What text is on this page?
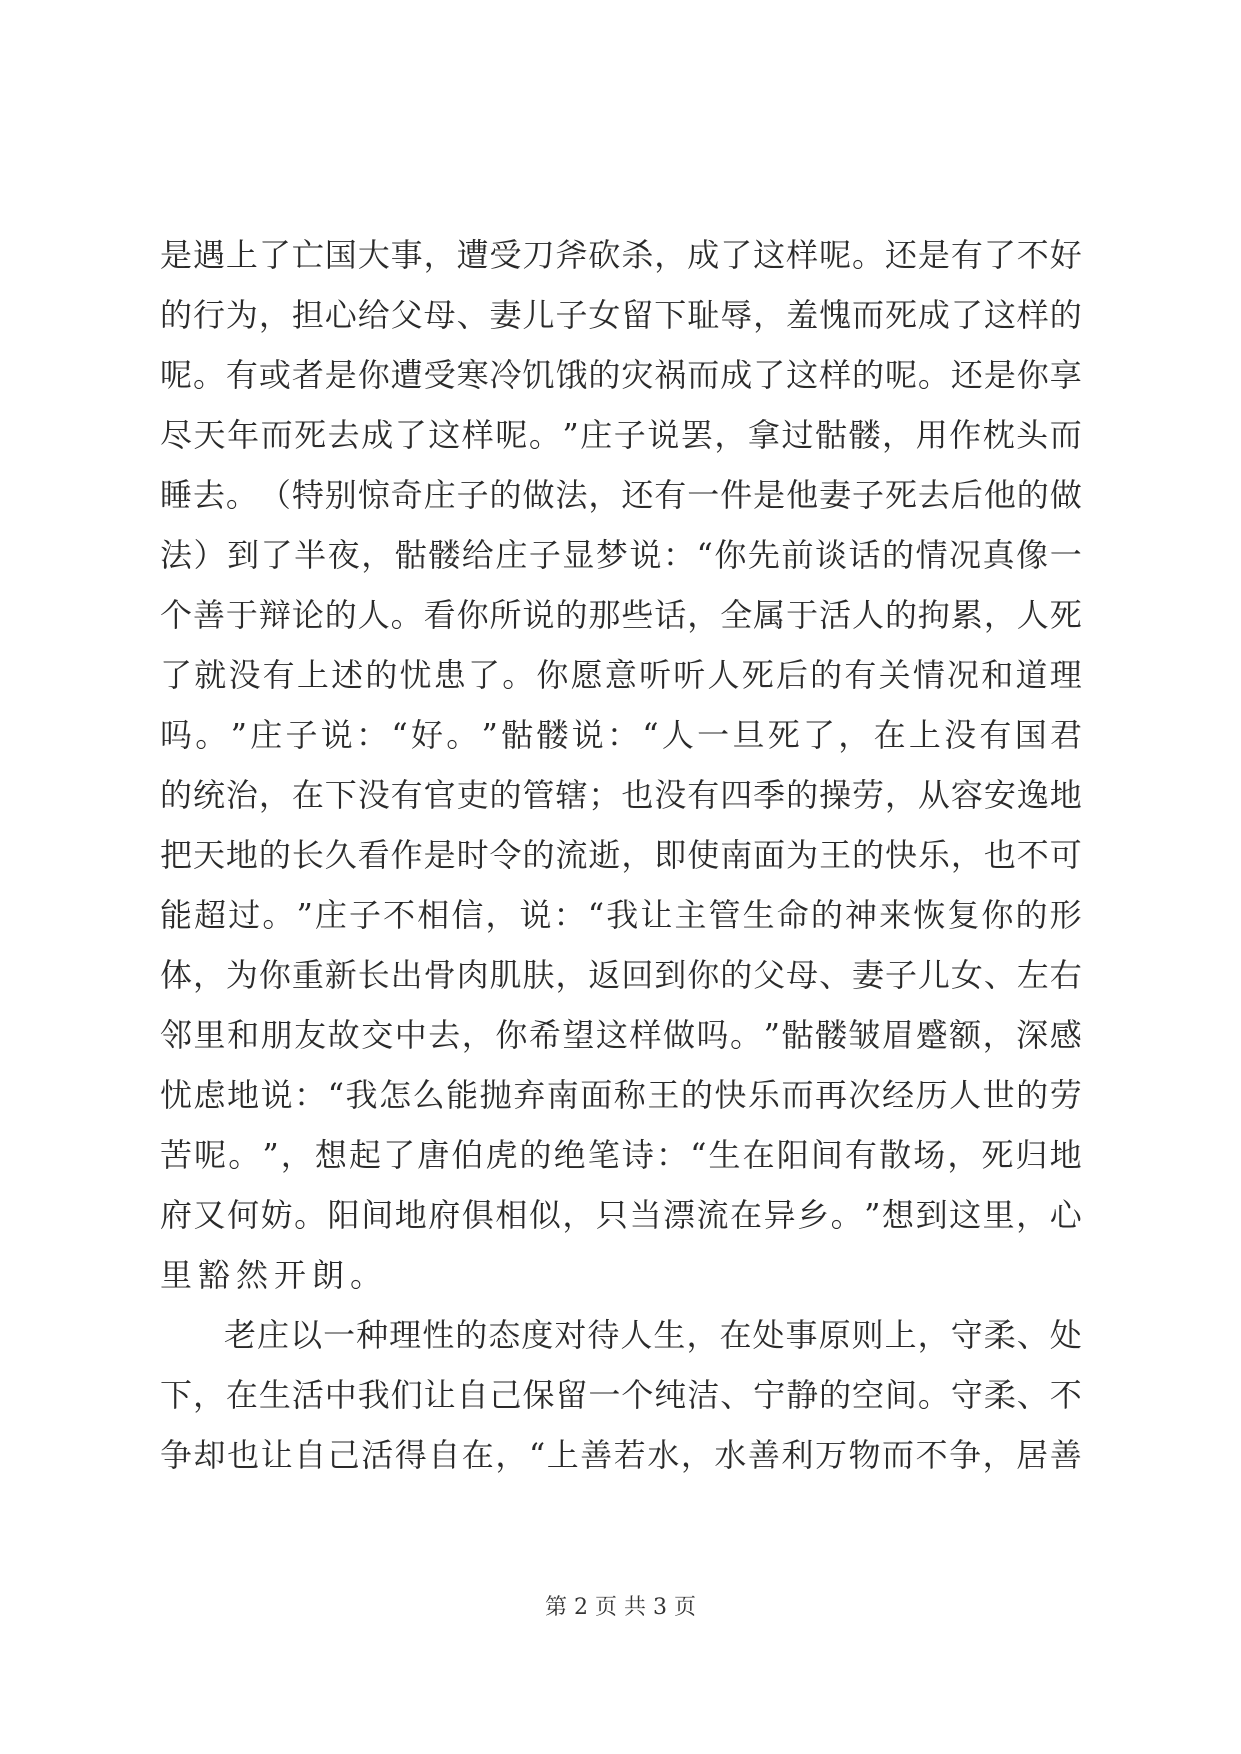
是 遇 上 了 亡 国 大 事 ， 遭 受 刀 斧 砍 杀 ， 成 了 这 样 呢 。 还 是 有 了 不 好
的 行 为 ， 担 心 给 父 母 、 妻 儿 子 女 留 下 耻 辱 ， 羞 愧 而 死 成 了 这 样 的
呢 。 有 或 者 是 你 遭 受 寒 冷 饥 饿 的 灾 祸 而 成 了 这 样 的 呢 。 还 是 你 享
尽 天 年 而 死 去 成 了 这 样 呢 。 ” 庄 子 说 罢 ， 拿 过 骷 髅 ， 用 作 枕 头 而
睡 去 。 （ 特 别 惊 奇 庄 子 的 做 法 ， 还 有 一 件 是 他 妻 子 死 去 后 他 的 做
法 ） 到 了 半 夜 ， 骷 髅 给 庄 子 显 梦 说 ： “ 你 先 前 谈 话 的 情 况 真 像 一
个 善 于 辩 论 的 人 。 看 你 所 说 的 那 些 话 ， 全 属 于 活 人 的 拘 累 ， 人 死
了 就 没 有 上 述 的 忧 患 了 。 你 愿 意 听 听 人 死 后 的 有 关 情 况 和 道 理
吗 。 ” 庄 子 说 ： “ 好 。 ” 骷 髅 说 ： “ 人 一 旦 死 了 ， 在 上 没 有 国 君
的 统 治 ， 在 下 没 有 官 吏 的 管 辖 ； 也 没 有 四 季 的 操 劳 ， 从 容 安 逸 地
把 天 地 的 长 久 看 作 是 时 令 的 流 逝 ， 即 使 南 面 为 王 的 快 乐 ， 也 不 可
能 超 过 。 ” 庄 子 不 相 信 ， 说 ： “ 我 让 主 管 生 命 的 神 来 恢 复 你 的 形
体 ， 为 你 重 新 长 出 骨 肉 肌 肤 ， 返 回 到 你 的 父 母 、 妻 子 儿 女 、 左 右
邻 里 和 朋 友 故 交 中 去 ， 你 希 望 这 样 做 吗 。 ” 骷 髅 皱 眉 蹙 额 ， 深 感
忧 虑 地 说 ： “ 我 怎 么 能 抛 弃 南 面 称 王 的 快 乐 而 再 次 经 历 人 世 的 劳
苦 呢 。 ” ， 想 起 了 唐 伯 虎 的 绝 笔 诗 ： “ 生 在 阳 间 有 散 场 ， 死 归 地
府 又 何 妨 。 阳 间 地 府 俱 相 似 ， 只 当 漂 流 在 异 乡 。 ” 想 到 这 里 ， 心
里豁然开朗。
老 庄 以 一 种 理 性 的 态 度 对 待 人 生 ， 在 处 事 原 则 上 ， 守 柔 、 处
下 ， 在 生 活 中 我 们 让 自 己 保 留 一 个 纯 洁 、 宁 静 的 空 间 。 守 柔 、 不
争 却 也 让 自 己 活 得 自 在 ， “ 上 善 若 水 ， 水 善 利 万 物 而 不 争 ， 居 善
第 2 页 共 3 页
